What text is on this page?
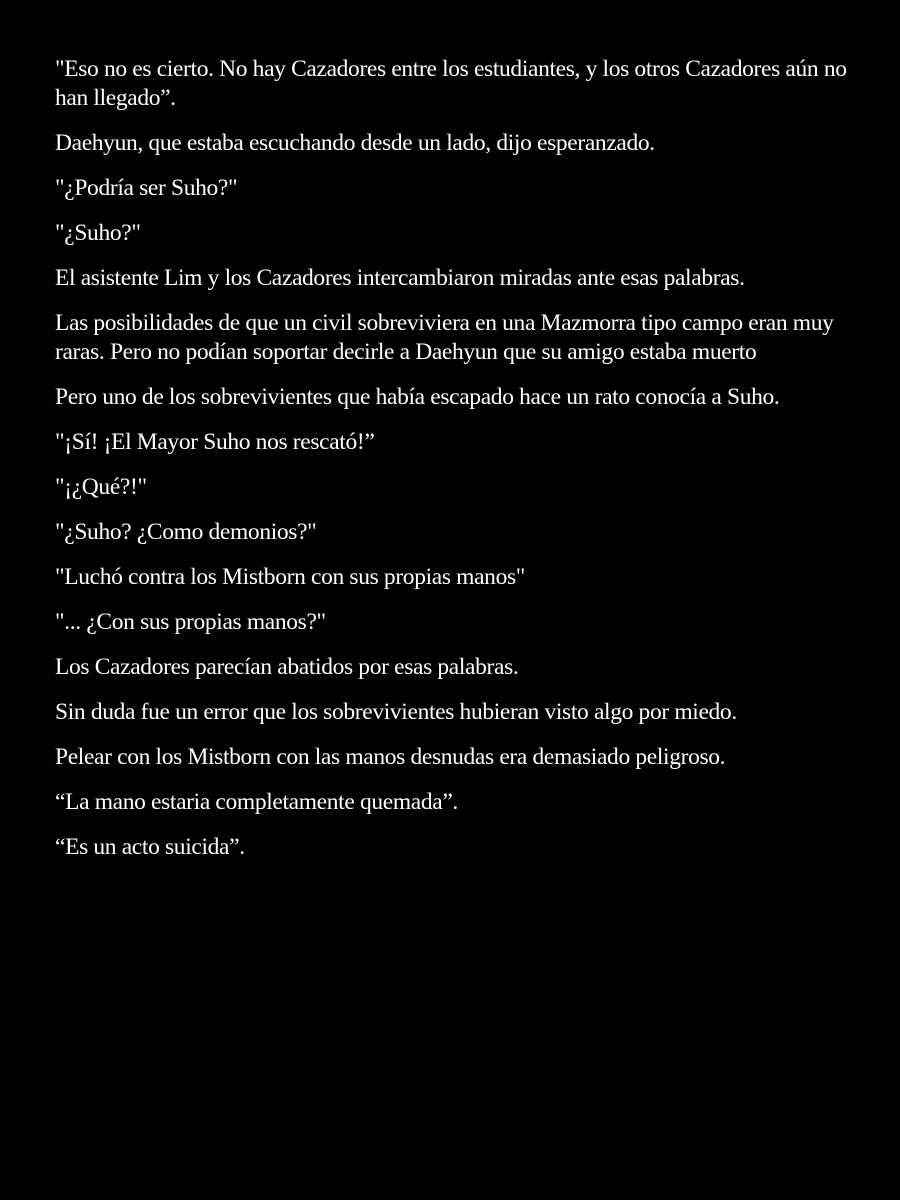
"Eso no es cierto. No hay Cazadores entre los estudiantes, y los otros Cazadores aún no han llegado”.

Daehyun, que estaba escuchando desde un lado, dijo esperanzado.

"¿Podría ser Suho?"

"¿Suho?"

El asistente Lim y los Cazadores intercambiaron miradas ante esas palabras.

Las posibilidades de que un civil sobreviviera en una Mazmorra tipo campo eran muy raras. Pero no podían soportar decirle a Daehyun que su amigo estaba muerto

Pero uno de los sobrevivientes que había escapado hace un rato conocía a Suho.

"¡Sí! ¡El Mayor Suho nos rescató!”

"¡¿Qué?!"

"¿Suho? ¿Como demonios?"

"Luchó contra los Mistborn con sus propias manos"

"... ¿Con sus propias manos?"

Los Cazadores parecían abatidos por esas palabras.

Sin duda fue un error que los sobrevivientes hubieran visto algo por miedo.

Pelear con los Mistborn con las manos desnudas era demasiado peligroso.

“La mano estaria completamente quemada”.

“Es un acto suicida”.
